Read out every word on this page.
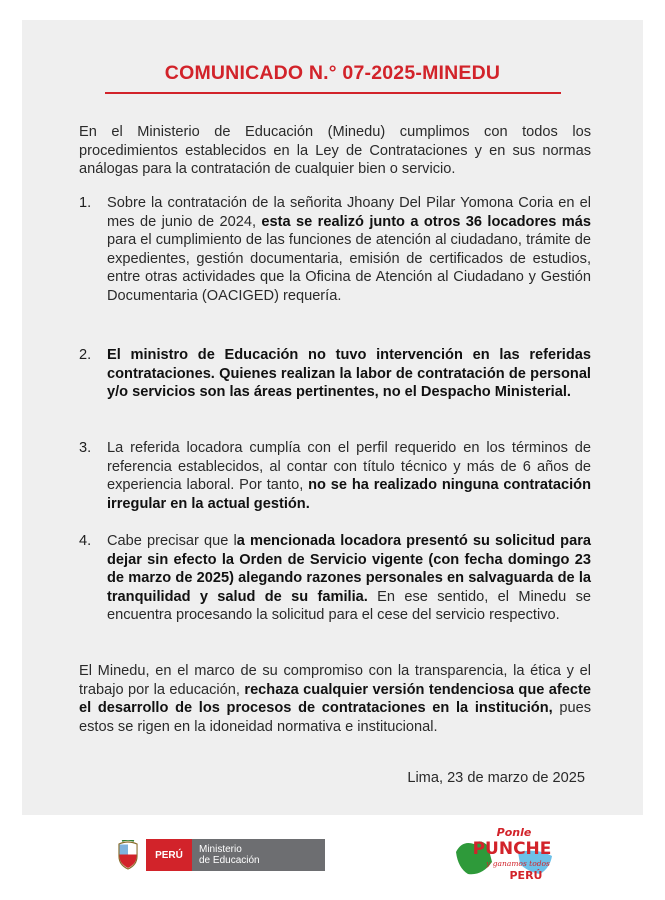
COMUNICADO N.° 07-2025-MINEDU

En el Ministerio de Educación (Minedu) cumplimos con todos los procedimientos establecidos en la Ley de Contrataciones y en sus normas análogas para la contratación de cualquier bien o servicio.

1. Sobre la contratación de la señorita Jhoany Del Pilar Yomona Coria en el mes de junio de 2024, esta se realizó junto a otros 36 locadores más para el cumplimiento de las funciones de atención al ciudadano, trámite de expedientes, gestión documentaria, emisión de certificados de estudios, entre otras actividades que la Oficina de Atención al Ciudadano y Gestión Documentaria (OACIGED) requería.

2. El ministro de Educación no tuvo intervención en las referidas contrataciones. Quienes realizan la labor de contratación de personal y/o servicios son las áreas pertinentes, no el Despacho Ministerial.

3. La referida locadora cumplía con el perfil requerido en los términos de referencia establecidos, al contar con título técnico y más de 6 años de experiencia laboral. Por tanto, no se ha realizado ninguna contratación irregular en la actual gestión.

4. Cabe precisar que la mencionada locadora presentó su solicitud para dejar sin efecto la Orden de Servicio vigente (con fecha domingo 23 de marzo de 2025) alegando razones personales en salvaguarda de la tranquilidad y salud de su familia. En ese sentido, el Minedu se encuentra procesando la solicitud para el cese del servicio respectivo.

El Minedu, en el marco de su compromiso con la transparencia, la ética y el trabajo por la educación, rechaza cualquier versión tendenciosa que afecte el desarrollo de los procesos de contrataciones en la institución, pues estos se rigen en la idoneidad normativa e institucional.

Lima, 23 de marzo de 2025
PERÚ	Ministerio
de Educación
Ponle
PUNCHE
y ganamos todos
PERÚ
